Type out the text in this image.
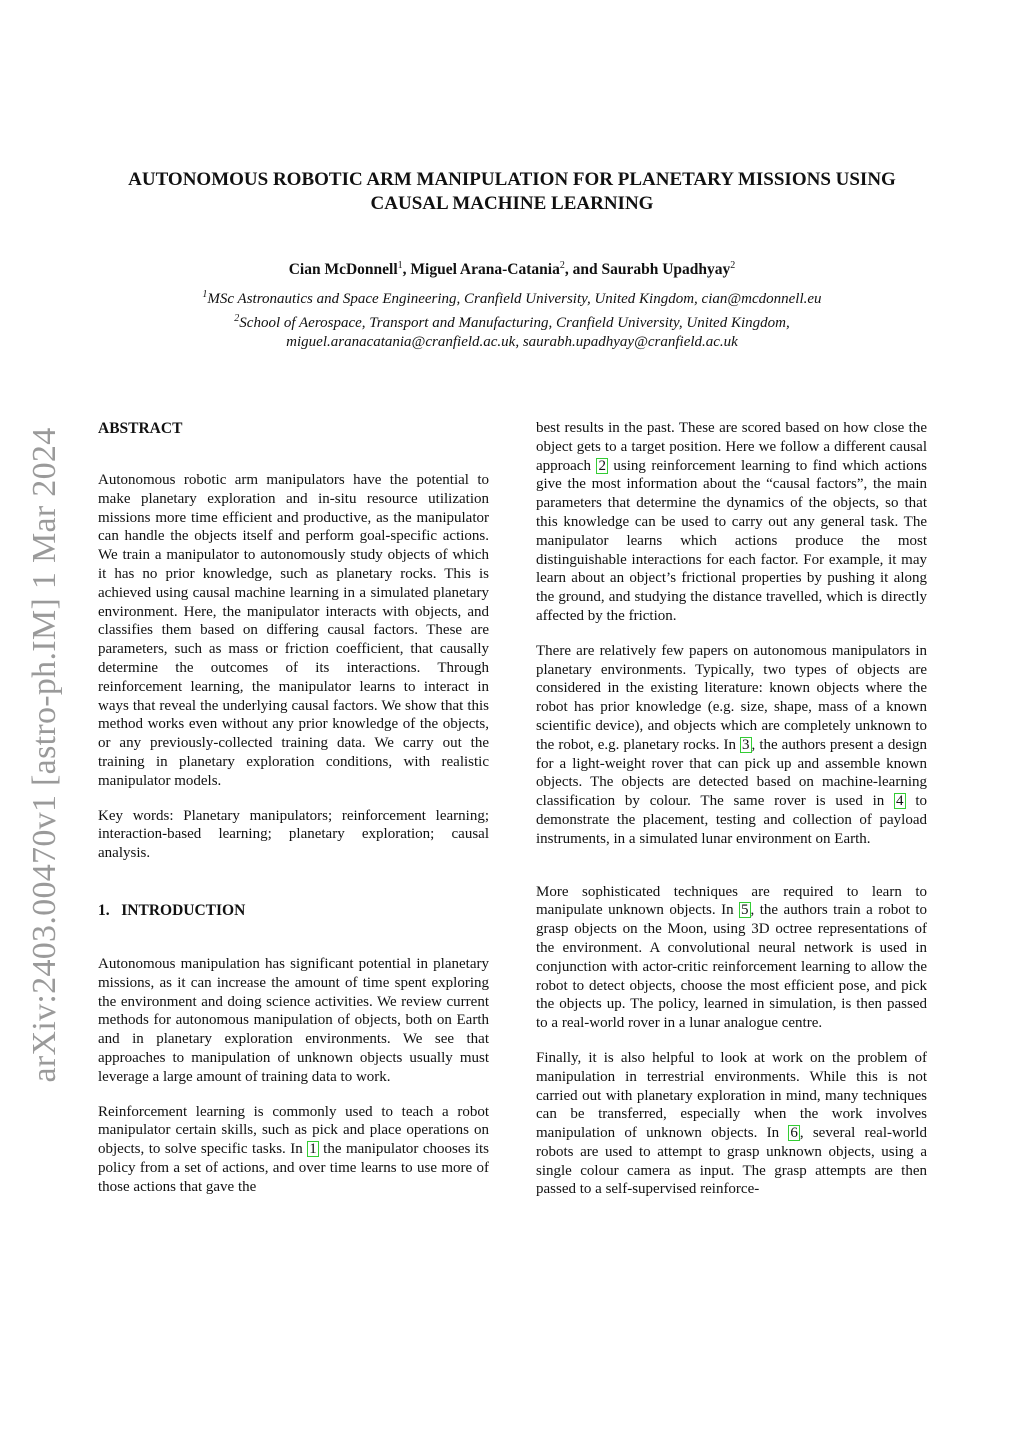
arXiv:2403.00470v1 [astro-ph.IM] 1 Mar 2024
AUTONOMOUS ROBOTIC ARM MANIPULATION FOR PLANETARY MISSIONS USING
CAUSAL MACHINE LEARNING

Cian McDonnell$^1$, Miguel Arana-Catania$^2$, and Saurabh Upadhyay$^2$

$^1$MSc Astronautics and Space Engineering, Cranfield University, United Kingdom, cian@mcdonnell.eu
$^2$School of Aerospace, Transport and Manufacturing, Cranfield University, United Kingdom,
miguel.aranacatania@cranfield.ac.uk, saurabh.upadhyay@cranfield.ac.uk

ABSTRACT

Autonomous robotic arm manipulators have the potential to make planetary exploration and in-situ resource utilization missions more time efficient and productive, as the manipulator can handle the objects itself and perform goal-specific actions. We train a manipulator to autonomously study objects of which it has no prior knowledge, such as planetary rocks. This is achieved using causal machine learning in a simulated planetary environment. Here, the manipulator interacts with objects, and classifies them based on differing causal factors. These are parameters, such as mass or friction coefficient, that causally determine the outcomes of its interactions. Through reinforcement learning, the manipulator learns to interact in ways that reveal the underlying causal factors. We show that this method works even without any prior knowledge of the objects, or any previously-collected training data. We carry out the training in planetary exploration conditions, with realistic manipulator models.

Key words: Planetary manipulators; reinforcement learning; interaction-based learning; planetary exploration; causal analysis.

1.   INTRODUCTION

Autonomous manipulation has significant potential in planetary missions, as it can increase the amount of time spent exploring the environment and doing science activities. We review current methods for autonomous manipulation of objects, both on Earth and in planetary exploration environments. We see that approaches to manipulation of unknown objects usually must leverage a large amount of training data to work.

Reinforcement learning is commonly used to teach a robot manipulator certain skills, such as pick and place operations on objects, to solve specific tasks. In 1 the manipulator chooses its policy from a set of actions, and over time learns to use more of those actions that gave the

best results in the past. These are scored based on how close the object gets to a target position. Here we follow a different causal approach 2 using reinforcement learning to find which actions give the most information about the “causal factors”, the main parameters that determine the dynamics of the objects, so that this knowledge can be used to carry out any general task. The manipulator learns which actions produce the most distinguishable interactions for each factor. For example, it may learn about an object’s frictional properties by pushing it along the ground, and studying the distance travelled, which is directly affected by the friction.

There are relatively few papers on autonomous manipulators in planetary environments. Typically, two types of objects are considered in the existing literature: known objects where the robot has prior knowledge (e.g. size, shape, mass of a known scientific device), and objects which are completely unknown to the robot, e.g. planetary rocks. In 3 , the authors present a design for a light-weight rover that can pick up and assemble known objects. The objects are detected based on machine-learning classification by colour. The same rover is used in 4 to demonstrate the placement, testing and collection of payload instruments, in a simulated lunar environment on Earth.

More sophisticated techniques are required to learn to manipulate unknown objects. In 5 , the authors train a robot to grasp objects on the Moon, using 3D octree representations of the environment. A convolutional neural network is used in conjunction with actor-critic reinforcement learning to allow the robot to detect objects, choose the most efficient pose, and pick the objects up. The policy, learned in simulation, is then passed to a real-world rover in a lunar analogue centre.

Finally, it is also helpful to look at work on the problem of manipulation in terrestrial environments. While this is not carried out with planetary exploration in mind, many techniques can be transferred, especially when the work involves manipulation of unknown objects. In 6 , several real-world robots are used to attempt to grasp unknown objects, using a single colour camera as input. The grasp attempts are then passed to a self-supervised reinforce-
